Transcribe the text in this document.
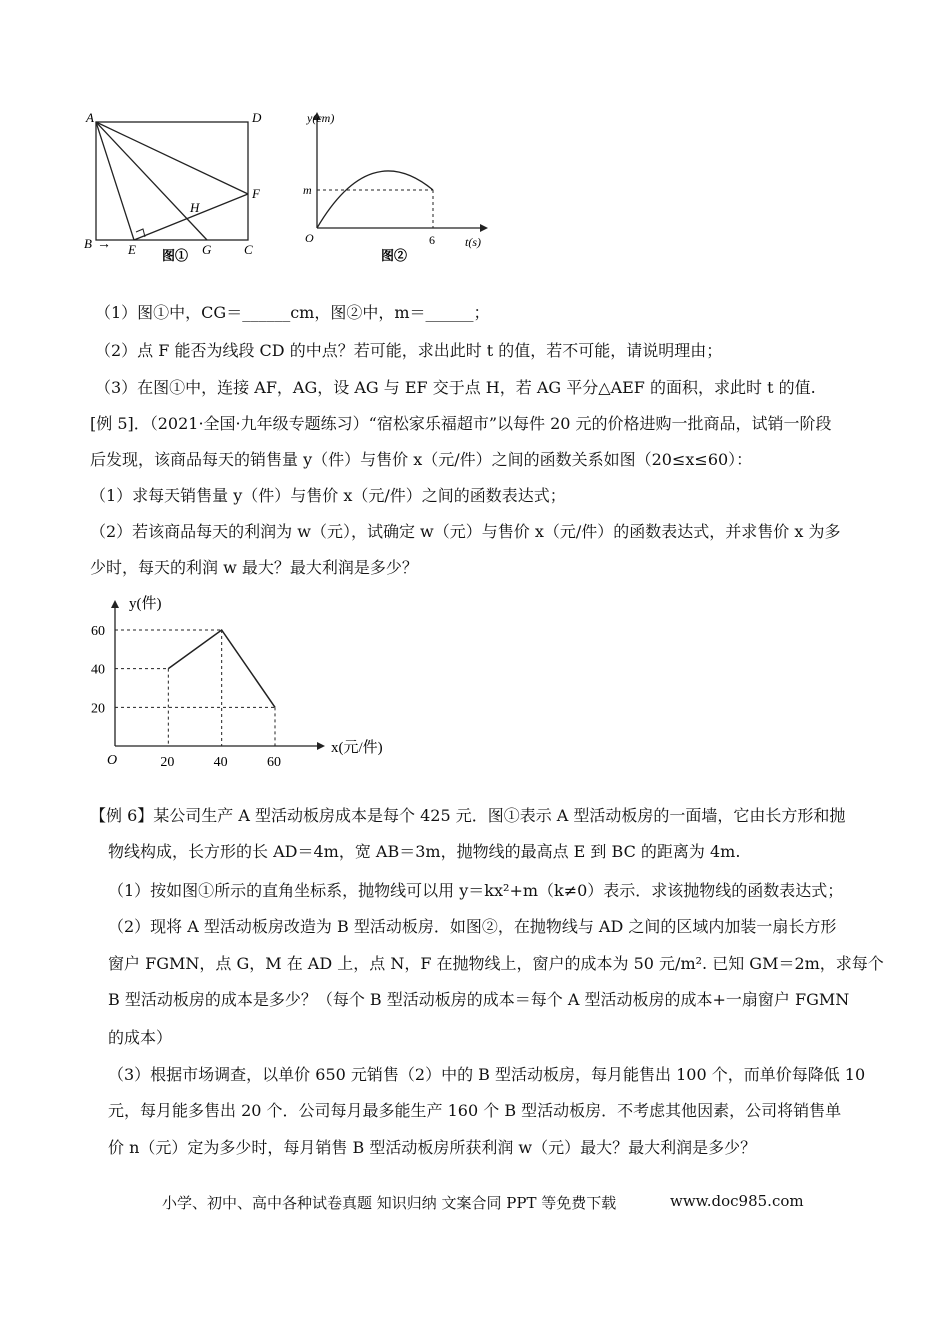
A	D
B → E	G	C
F
H
图①
y(cm)
t(s)
O
m
6
图②
（1）图①中，CG＝______cm，图②中，m＝______；
（2）点 F 能否为线段 CD 的中点？若可能，求出此时 t 的值，若不可能，请说明理由；
（3）在图①中，连接 AF，AG，设 AG 与 EF 交于点 H，若 AG 平分△AEF 的面积，求此时 t 的值.
[例 5]．（2021·全国·九年级专题练习）“宿松家乐福超市”以每件 20 元的价格进购一批商品，试销一阶段
后发现，该商品每天的销售量 y（件）与售价 x（元/件）之间的函数关系如图（20≤x≤60）：
（1）求每天销售量 y（件）与售价 x（元/件）之间的函数表达式；
（2）若该商品每天的利润为 w（元），试确定 w（元）与售价 x（元/件）的函数表达式，并求售价 x 为多
少时，每天的利润 w 最大？最大利润是多少？
y(件)
x(元/件)
O	20	40	60
20
40
60
【例 6】某公司生产 A 型活动板房成本是每个 425 元．图①表示 A 型活动板房的一面墙，它由长方形和抛
物线构成，长方形的长 AD＝4m，宽 AB＝3m，抛物线的最高点 E 到 BC 的距离为 4m.
（1）按如图①所示的直角坐标系，抛物线可以用 y＝kx²+m（k≠0）表示．求该抛物线的函数表达式；
（2）现将 A 型活动板房改造为 B 型活动板房．如图②，在抛物线与 AD 之间的区域内加装一扇长方形
窗户 FGMN，点 G，M 在 AD 上，点 N，F 在抛物线上，窗户的成本为 50 元/m². 已知 GM＝2m，求每个
B 型活动板房的成本是多少？（每个 B 型活动板房的成本＝每个 A 型活动板房的成本+一扇窗户 FGMN
的成本）
（3）根据市场调查，以单价 650 元销售（2）中的 B 型活动板房，每月能售出 100 个，而单价每降低 10
元，每月能多售出 20 个．公司每月最多能生产 160 个 B 型活动板房．不考虑其他因素，公司将销售单
价 n（元）定为多少时，每月销售 B 型活动板房所获利润 w（元）最大？最大利润是多少？
小学、初中、高中各种试卷真题 知识归纳 文案合同 PPT 等免费下载	www.doc985.com
